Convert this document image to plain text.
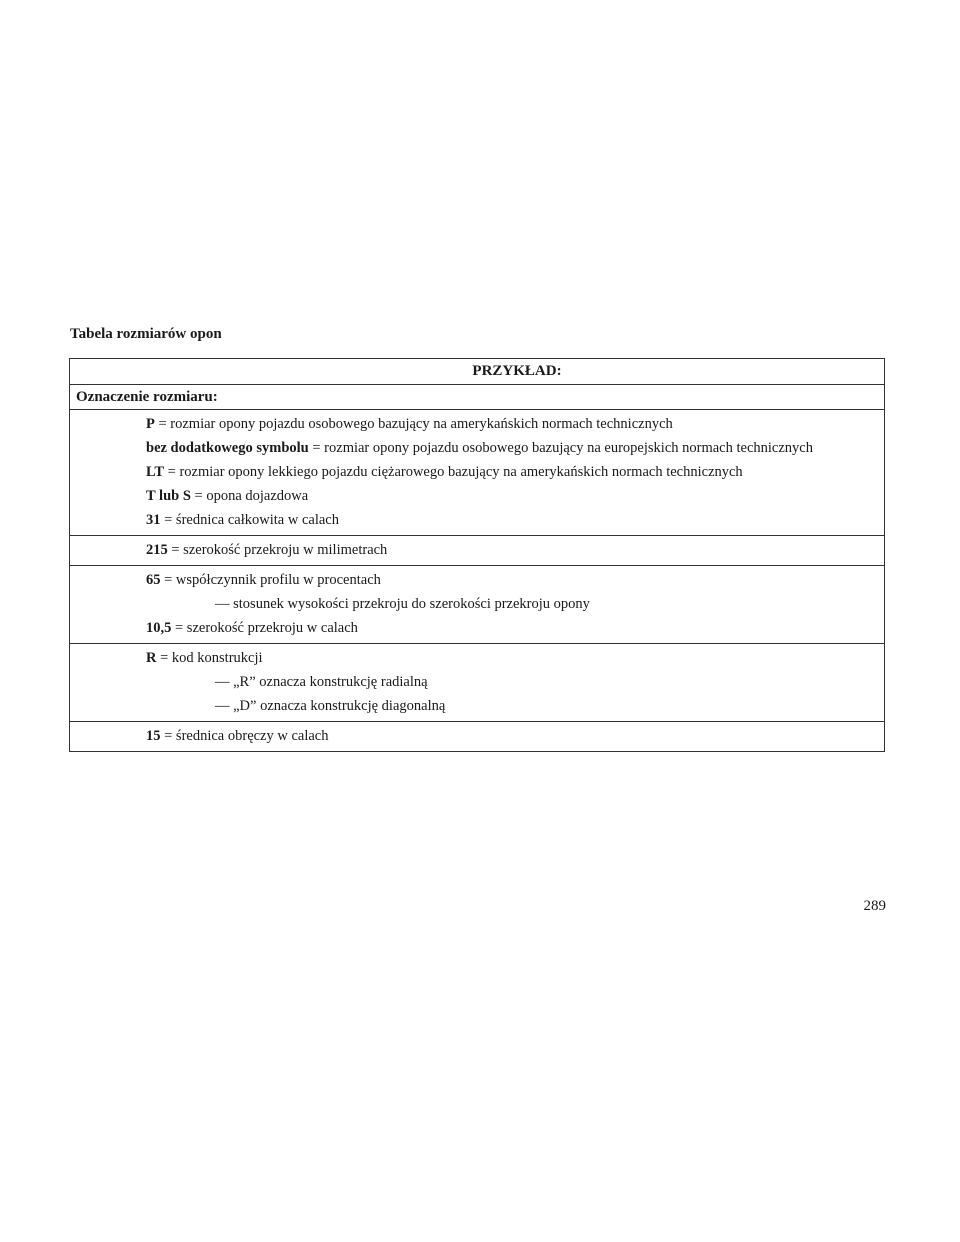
Tabela rozmiarów opon
PRZYKŁAD:
Oznaczenie rozmiaru:
P = rozmiar opony pojazdu osobowego bazujący na amerykańskich normach technicznych
bez dodatkowego symbolu = rozmiar opony pojazdu osobowego bazujący na europejskich normach technicznych
LT = rozmiar opony lekkiego pojazdu ciężarowego bazujący na amerykańskich normach technicznych
T lub S = opona dojazdowa
31 = średnica całkowita w calach
215 = szerokość przekroju w milimetrach
65 = współczynnik profilu w procentach
— stosunek wysokości przekroju do szerokości przekroju opony
10,5 = szerokość przekroju w calach
R = kod konstrukcji
— „R” oznacza konstrukcję radialną
— „D” oznacza konstrukcję diagonalną
15 = średnica obręczy w calach
289
